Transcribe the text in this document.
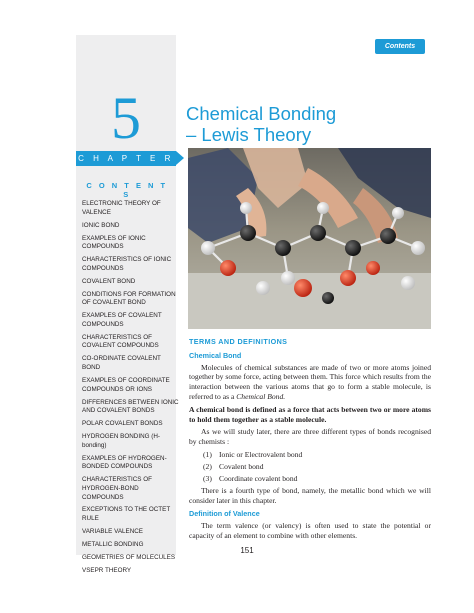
Contents
5
C H A P T E R
C O N T E N T S
ELECTRONIC THEORY OF VALENCE
IONIC BOND
EXAMPLES OF IONIC COMPOUNDS
CHARACTERISTICS OF IONIC COMPOUNDS
COVALENT BOND
CONDITIONS FOR FORMATION OF COVALENT BOND
EXAMPLES OF COVALENT COMPOUNDS
CHARACTERISTICS OF COVALENT COMPOUNDS
CO-ORDINATE COVALENT BOND
EXAMPLES OF COORDINATE COMPOUNDS OR IONS
DIFFERENCES BETWEEN IONIC AND COVALENT BONDS
POLAR COVALENT BONDS
HYDROGEN BONDING (H-bonding)
EXAMPLES OF HYDROGEN-BONDED COMPOUNDS
CHARACTERISTICS OF HYDROGEN-BOND COMPOUNDS
EXCEPTIONS TO THE OCTET RULE
VARIABLE VALENCE
METALLIC BONDING
GEOMETRIES OF MOLECULES
VSEPR THEORY
Chemical Bonding
– Lewis Theory
TERMS AND DEFINITIONS
Chemical Bond

Molecules of chemical substances are made of two or more atoms joined together by some force, acting between them. This force which results from the interaction between the various atoms that go to form a stable molecule, is referred to as a Chemical Bond.

A chemical bond is defined as a force that acts between two or more atoms to hold them together as a stable molecule.

As we will study later, there are three different types of bonds recognised by chemists :

(1) Ionic or Electrovalent bond
(2) Covalent bond
(3) Coordinate covalent bond

There is a fourth type of bond, namely, the metallic bond which we will consider later in this chapter.

Definition of Valence

The term valence (or valency) is often used to state the potential or capacity of an element to combine with other elements.

151
